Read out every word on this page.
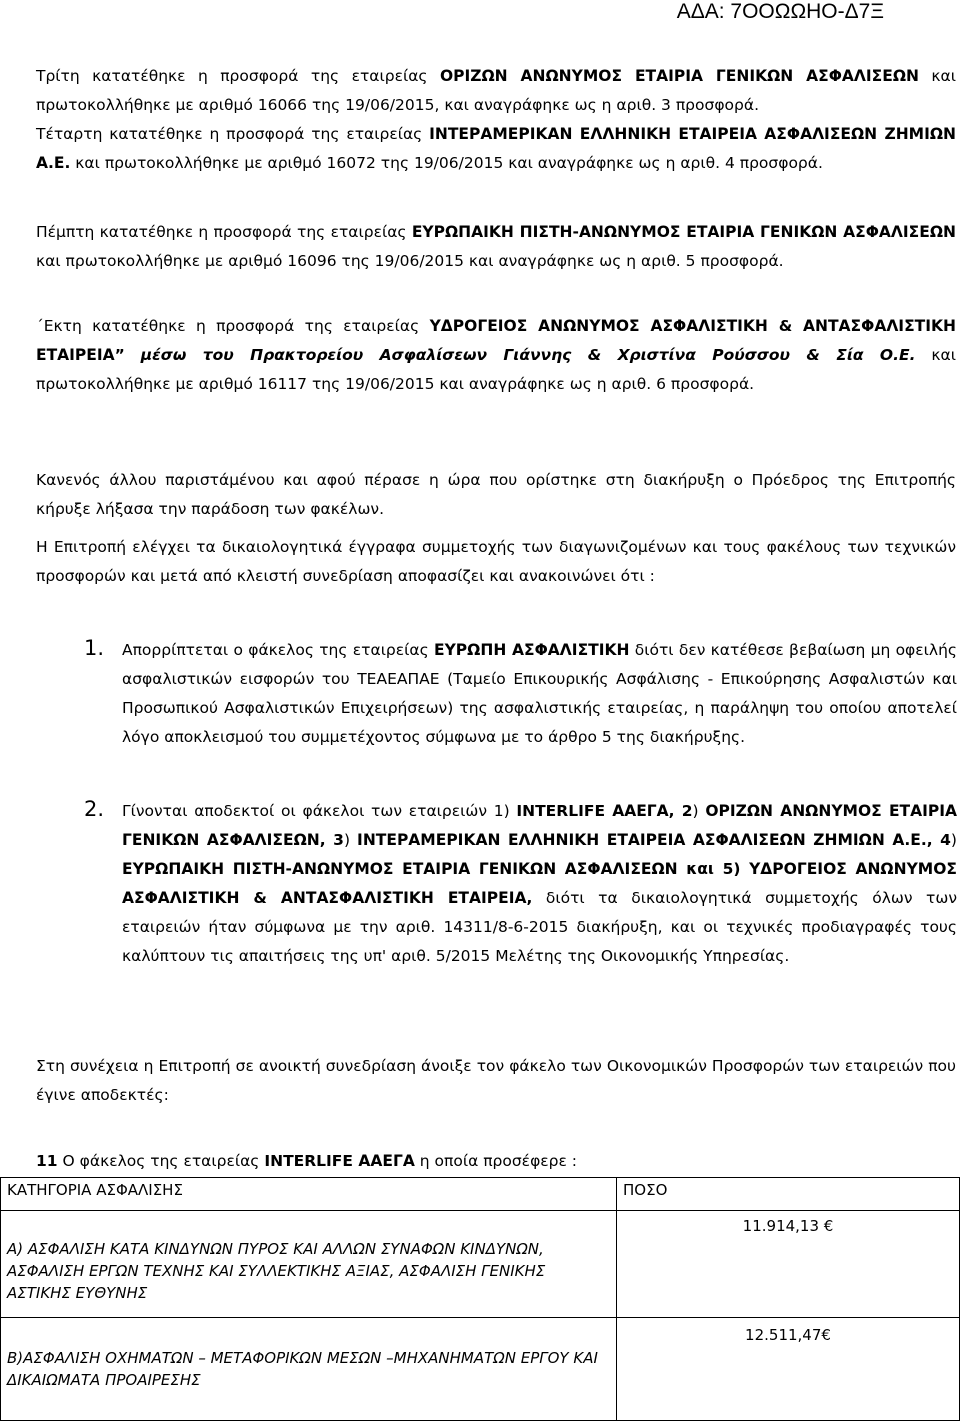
ΑΔΑ: 7ΟΟΩΩΗΟ-Δ7Ξ
Τρίτη κατατέθηκε η προσφορά της εταιρείας ΟΡΙΖΩΝ ΑΝΩΝΥΜΟΣ ΕΤΑΙΡΙΑ ΓΕΝΙΚΩΝ ΑΣΦΑΛΙΣΕΩΝ και πρωτοκολλήθηκε με αριθμό 16066 της 19/06/2015, και αναγράφηκε ως η αριθ. 3 προσφορά.
Τέταρτη κατατέθηκε η προσφορά της εταιρείας ΙΝΤΕΡΑΜΕΡΙΚΑΝ ΕΛΛΗΝΙΚΗ ΕΤΑΙΡΕΙΑ ΑΣΦΑΛΙΣΕΩΝ ΖΗΜΙΩΝ Α.Ε. και πρωτοκολλήθηκε με αριθμό 16072 της 19/06/2015 και αναγράφηκε ως η αριθ. 4 προσφορά.
Πέμπτη κατατέθηκε η προσφορά της εταιρείας ΕΥΡΩΠΑΙΚΗ ΠΙΣΤΗ-ΑΝΩΝΥΜΟΣ ΕΤΑΙΡΙΑ ΓΕΝΙΚΩΝ ΑΣΦΑΛΙΣΕΩΝ και πρωτοκολλήθηκε με αριθμό 16096 της 19/06/2015 και αναγράφηκε ως η αριθ. 5 προσφορά.
΄Εκτη κατατέθηκε η προσφορά της εταιρείας ΥΔΡΟΓΕΙΟΣ ΑΝΩΝΥΜΟΣ ΑΣΦΑΛΙΣΤΙΚΗ & ΑΝΤΑΣΦΑΛΙΣΤΙΚΗ ΕΤΑΙΡΕΙΑ” μέσω του Πρακτορείου Ασφαλίσεων Γιάννης & Χριστίνα Ρούσσου & Σία Ο.Ε. και πρωτοκολλήθηκε με αριθμό 16117 της 19/06/2015 και αναγράφηκε ως η αριθ. 6 προσφορά.
Κανενός άλλου παριστάμένου και αφού πέρασε η ώρα που ορίστηκε στη διακήρυξη ο Πρόεδρος της Επιτροπής κήρυξε λήξασα την παράδοση των φακέλων.
Η Επιτροπή ελέγχει τα δικαιολογητικά έγγραφα συμμετοχής των διαγωνιζομένων και τους φακέλους των τεχνικών προσφορών και μετά από κλειστή συνεδρίαση αποφασίζει και ανακοινώνει ότι :
1. Απορρίπτεται ο φάκελος της εταιρείας ΕΥΡΩΠΗ ΑΣΦΑΛΙΣΤΙΚΗ διότι δεν κατέθεσε βεβαίωση μη οφειλής ασφαλιστικών εισφορών του ΤΕΑΕΑΠΑΕ (Ταμείο Επικουρικής Ασφάλισης - Επικούρησης Ασφαλιστών και Προσωπικού Ασφαλιστικών Επιχειρήσεων) της ασφαλιστικής εταιρείας, η παράληψη του οποίου αποτελεί λόγο αποκλεισμού του συμμετέχοντος σύμφωνα με το άρθρο 5 της διακήρυξης.
2. Γίνονται αποδεκτοί οι φάκελοι των εταιρειών 1) INTERLIFE ΑΑΕΓΑ, 2) ΟΡΙΖΩΝ ΑΝΩΝΥΜΟΣ ΕΤΑΙΡΙΑ ΓΕΝΙΚΩΝ ΑΣΦΑΛΙΣΕΩΝ, 3) ΙΝΤΕΡΑΜΕΡΙΚΑΝ ΕΛΛΗΝΙΚΗ ΕΤΑΙΡΕΙΑ ΑΣΦΑΛΙΣΕΩΝ ΖΗΜΙΩΝ Α.Ε., 4) ΕΥΡΩΠΑΙΚΗ ΠΙΣΤΗ-ΑΝΩΝΥΜΟΣ ΕΤΑΙΡΙΑ ΓΕΝΙΚΩΝ ΑΣΦΑΛΙΣΕΩΝ και 5) ΥΔΡΟΓΕΙΟΣ ΑΝΩΝΥΜΟΣ ΑΣΦΑΛΙΣΤΙΚΗ & ΑΝΤΑΣΦΑΛΙΣΤΙΚΗ ΕΤΑΙΡΕΙΑ, διότι τα δικαιολογητικά συμμετοχής όλων των εταιρειών ήταν σύμφωνα με την αριθ. 14311/8-6-2015 διακήρυξη, και οι τεχνικές προδιαγραφές τους καλύπτουν τις απαιτήσεις της υπ' αριθ. 5/2015 Μελέτης της Οικονομικής Υπηρεσίας.
Στη συνέχεια η Επιτροπή σε ανοικτή συνεδρίαση άνοιξε τον φάκελο των Οικονομικών Προσφορών των εταιρειών που έγινε αποδεκτές:
11 Ο φάκελος της εταιρείας INTERLIFE ΑΑΕΓΑ η οποία προσέφερε :
ΚΑΤΗΓΟΡΙΑ ΑΣΦΑΛΙΣΗΣ	ΠΟΣΟ

Α) ΑΣΦΑΛΙΣΗ ΚΑΤΑ ΚΙΝΔΥΝΩΝ ΠΥΡΟΣ ΚΑΙ ΑΛΛΩΝ ΣΥΝΑΦΩΝ ΚΙΝΔΥΝΩΝ, ΑΣΦΑΛΙΣΗ ΕΡΓΩΝ ΤΕΧΝΗΣ ΚΑΙ ΣΥΛΛΕΚΤΙΚΗΣ ΑΞΙΑΣ, ΑΣΦΑΛΙΣΗ ΓΕΝΙΚΗΣ ΑΣΤΙΚΗΣ ΕΥΘΥΝΗΣ	11.914,13 €

Β)ΑΣΦΑΛΙΣΗ ΟΧΗΜΑΤΩΝ – ΜΕΤΑΦΟΡΙΚΩΝ ΜΕΣΩΝ –ΜΗΧΑΝΗΜΑΤΩΝ ΕΡΓΟΥ ΚΑΙ ΔΙΚΑΙΩΜΑΤΑ ΠΡΟΑΙΡΕΣΗΣ	12.511,47€
